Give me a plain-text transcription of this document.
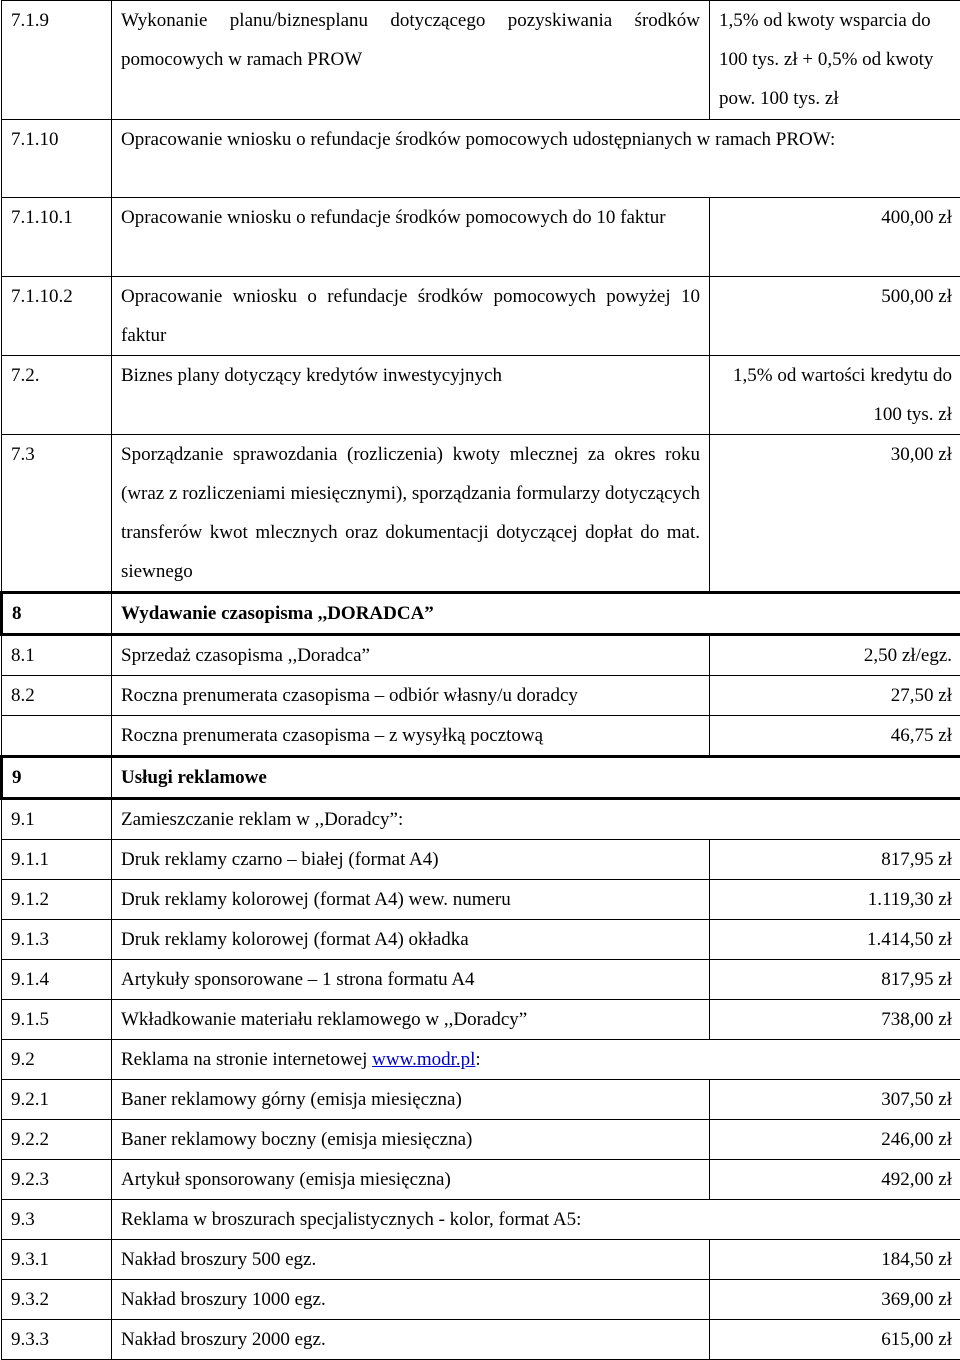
7.1.9	Wykonanie planu/biznesplanu dotyczącego pozyskiwania środków pomocowych w ramach PROW	1,5% od kwoty wsparcia do 100 tys. zł + 0,5% od kwoty pow. 100 tys. zł
7.1.10	Opracowanie wniosku o refundacje środków pomocowych udostępnianych w ramach PROW:	
7.1.10.1	Opracowanie wniosku o refundacje środków pomocowych do 10 faktur	400,00 zł
7.1.10.2	Opracowanie wniosku o refundacje środków pomocowych powyżej 10 faktur	500,00 zł
7.2.	Biznes plany dotyczący kredytów inwestycyjnych	1,5% od wartości kredytu do 100 tys. zł
7.3	Sporządzanie sprawozdania (rozliczenia) kwoty mlecznej za okres roku (wraz z rozliczeniami miesięcznymi), sporządzania formularzy dotyczących transferów kwot mlecznych oraz dokumentacji dotyczącej dopłat do mat. siewnego	30,00 zł
8	Wydawanie czasopisma ,,DORADCA”	
8.1	Sprzedaż czasopisma ,,Doradca”	2,50 zł/egz.
8.2	Roczna prenumerata czasopisma – odbiór własny/u doradcy	27,50 zł
	Roczna prenumerata czasopisma – z wysyłką pocztową	46,75 zł
9	Usługi reklamowe	
9.1	Zamieszczanie reklam w ,,Doradcy”:	
9.1.1	Druk reklamy czarno – białej (format A4)	817,95 zł
9.1.2	Druk reklamy kolorowej (format A4) wew. numeru	1.119,30 zł
9.1.3	Druk reklamy kolorowej (format A4) okładka	1.414,50 zł
9.1.4	Artykuły sponsorowane – 1 strona formatu A4	817,95 zł
9.1.5	Wkładkowanie materiału reklamowego w ,,Doradcy”	738,00 zł
9.2	Reklama na stronie internetowej www.modr.pl:	
9.2.1	Baner reklamowy górny (emisja miesięczna)	307,50 zł
9.2.2	Baner reklamowy boczny (emisja miesięczna)	246,00 zł
9.2.3	Artykuł sponsorowany (emisja miesięczna)	492,00 zł
9.3	Reklama w broszurach specjalistycznych - kolor, format A5:	
9.3.1	Nakład broszury 500 egz.	184,50 zł
9.3.2	Nakład broszury 1000 egz.	369,00 zł
9.3.3	Nakład broszury 2000 egz.	615,00 zł
